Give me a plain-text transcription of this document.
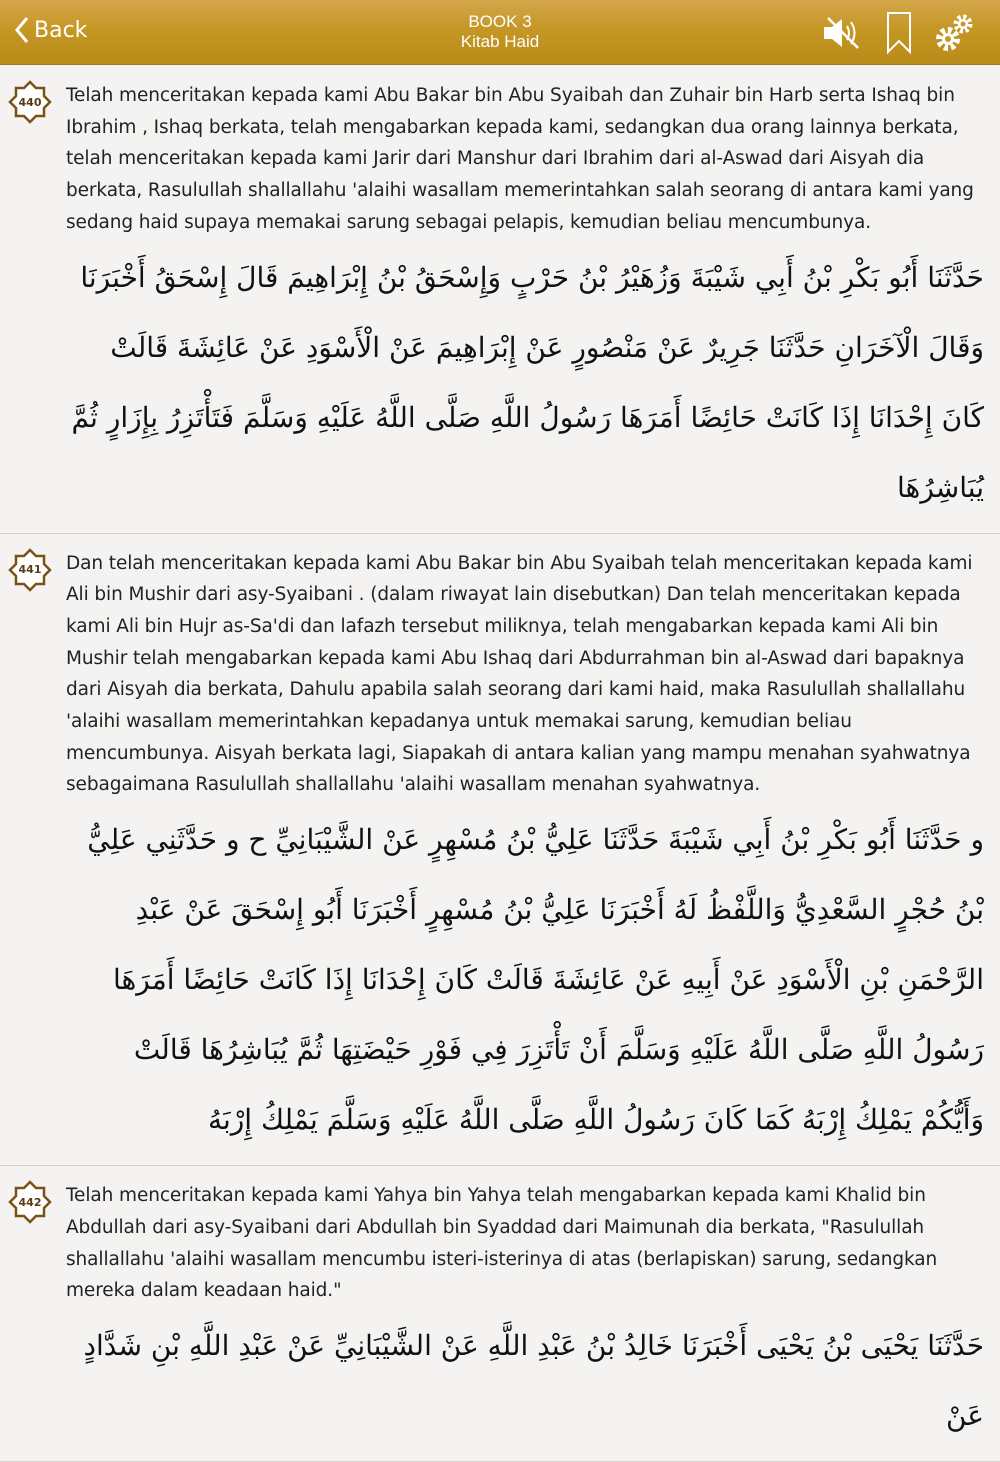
Back	BOOK 3
Kitab Haid
440	Telah menceritakan kepada kami Abu Bakar bin Abu Syaibah dan Zuhair bin Harb serta Ishaq bin Ibrahim , Ishaq berkata, telah mengabarkan kepada kami, sedangkan dua orang lainnya berkata, telah menceritakan kepada kami Jarir dari Manshur dari Ibrahim dari al-Aswad dari Aisyah dia berkata, Rasulullah shallallahu 'alaihi wasallam memerintahkan salah seorang di antara kami yang sedang haid supaya memakai sarung sebagai pelapis, kemudian beliau mencumbunya.

حَدَّثَنَا أَبُو بَكْرِ بْنُ أَبِي شَيْبَةَ وَزُهَيْرُ بْنُ حَرْبٍ وَإِسْحَقُ بْنُ إِبْرَاهِيمَ قَالَ إِسْحَقُ أَخْبَرَنَا وَقَالَ الْآخَرَانِ حَدَّثَنَا جَرِيرٌ عَنْ مَنْصُورٍ عَنْ إِبْرَاهِيمَ عَنْ الْأَسْوَدِ عَنْ عَائِشَةَ قَالَتْ كَانَ إِحْدَانَا إِذَا كَانَتْ حَائِضًا أَمَرَهَا رَسُولُ اللَّهِ صَلَّى اللَّهُ عَلَيْهِ وَسَلَّمَ فَتَأْتَزِرُ بِإِزَارٍ ثُمَّ يُبَاشِرُهَا

441	Dan telah menceritakan kepada kami Abu Bakar bin Abu Syaibah telah menceritakan kepada kami Ali bin Mushir dari asy-Syaibani . (dalam riwayat lain disebutkan) Dan telah menceritakan kepada kami Ali bin Hujr as-Sa'di dan lafazh tersebut miliknya, telah mengabarkan kepada kami Ali bin Mushir telah mengabarkan kepada kami Abu Ishaq dari Abdurrahman bin al-Aswad dari bapaknya dari Aisyah dia berkata, Dahulu apabila salah seorang dari kami haid, maka Rasulullah shallallahu 'alaihi wasallam memerintahkan kepadanya untuk memakai sarung, kemudian beliau mencumbunya. Aisyah berkata lagi, Siapakah di antara kalian yang mampu menahan syahwatnya sebagaimana Rasulullah shallallahu 'alaihi wasallam menahan syahwatnya.

و حَدَّثَنَا أَبُو بَكْرِ بْنُ أَبِي شَيْبَةَ حَدَّثَنَا عَلِيُّ بْنُ مُسْهِرٍ عَنْ الشَّيْبَانِيِّ ح و حَدَّثَنِي عَلِيُّ بْنُ حُجْرٍ السَّعْدِيُّ وَاللَّفْظُ لَهُ أَخْبَرَنَا عَلِيُّ بْنُ مُسْهِرٍ أَخْبَرَنَا أَبُو إِسْحَقَ عَنْ عَبْدِ الرَّحْمَنِ بْنِ الْأَسْوَدِ عَنْ أَبِيهِ عَنْ عَائِشَةَ قَالَتْ كَانَ إِحْدَانَا إِذَا كَانَتْ حَائِضًا أَمَرَهَا رَسُولُ اللَّهِ صَلَّى اللَّهُ عَلَيْهِ وَسَلَّمَ أَنْ تَأْتَزِرَ فِي فَوْرِ حَيْضَتِهَا ثُمَّ يُبَاشِرُهَا قَالَتْ وَأَيُّكُمْ يَمْلِكُ إِرْبَهُ كَمَا كَانَ رَسُولُ اللَّهِ صَلَّى اللَّهُ عَلَيْهِ وَسَلَّمَ يَمْلِكُ إِرْبَهُ

442	Telah menceritakan kepada kami Yahya bin Yahya telah mengabarkan kepada kami Khalid bin Abdullah dari asy-Syaibani dari Abdullah bin Syaddad dari Maimunah dia berkata, "Rasulullah shallallahu 'alaihi wasallam mencumbu isteri-isterinya di atas (berlapiskan) sarung, sedangkan mereka dalam keadaan haid."

حَدَّثَنَا يَحْيَى بْنُ يَحْيَى أَخْبَرَنَا خَالِدُ بْنُ عَبْدِ اللَّهِ عَنْ الشَّيْبَانِيِّ عَنْ عَبْدِ اللَّهِ بْنِ شَدَّادٍ عَنْ
